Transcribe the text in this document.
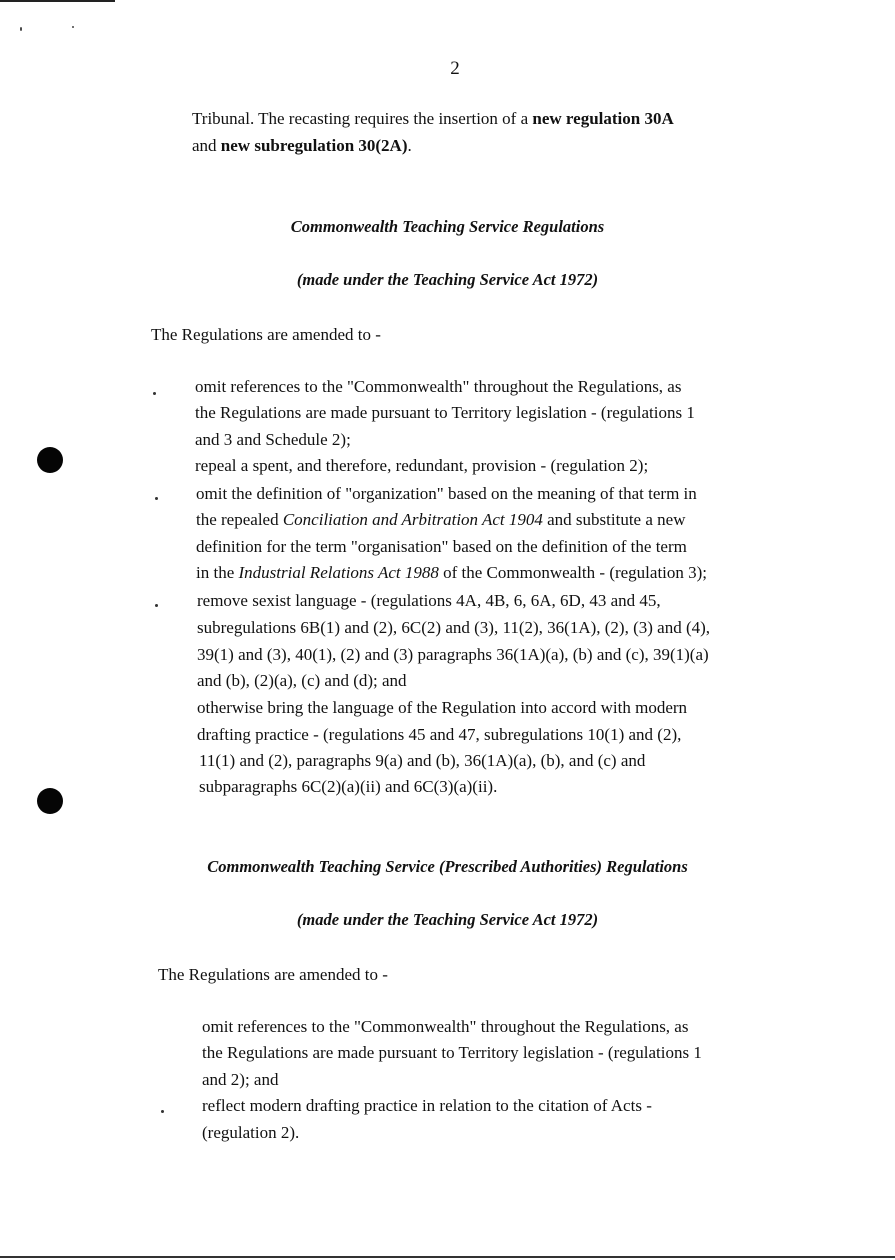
2
Tribunal. The recasting requires the insertion of a new regulation 30A
and new subregulation 30(2A).
Commonwealth Teaching Service Regulations
(made under the Teaching Service Act 1972)
The Regulations are amended to -
omit references to the "Commonwealth" throughout the Regulations, as
the Regulations are made pursuant to Territory legislation - (regulations 1
and 3 and Schedule 2);
repeal a spent, and therefore, redundant, provision - (regulation 2);
omit the definition of "organization" based on the meaning of that term in
the repealed Conciliation and Arbitration Act 1904 and substitute a new
definition for the term "organisation" based on the definition of the term
in the Industrial Relations Act 1988 of the Commonwealth - (regulation 3);
remove sexist language - (regulations 4A, 4B, 6, 6A, 6D, 43 and 45,
subregulations 6B(1) and (2), 6C(2) and (3), 11(2), 36(1A), (2), (3) and (4),
39(1) and (3), 40(1), (2) and (3) paragraphs 36(1A)(a), (b) and (c), 39(1)(a)
and (b), (2)(a), (c) and (d); and
otherwise bring the language of the Regulation into accord with modern
drafting practice - (regulations 45 and 47, subregulations 10(1) and (2),
11(1) and (2), paragraphs 9(a) and (b), 36(1A)(a), (b), and (c) and
subparagraphs 6C(2)(a)(ii) and 6C(3)(a)(ii).
Commonwealth Teaching Service (Prescribed Authorities) Regulations
(made under the Teaching Service Act 1972)
The Regulations are amended to -
omit references to the "Commonwealth" throughout the Regulations, as
the Regulations are made pursuant to Territory legislation - (regulations 1
and 2); and
reflect modern drafting practice in relation to the citation of Acts -
(regulation 2).
